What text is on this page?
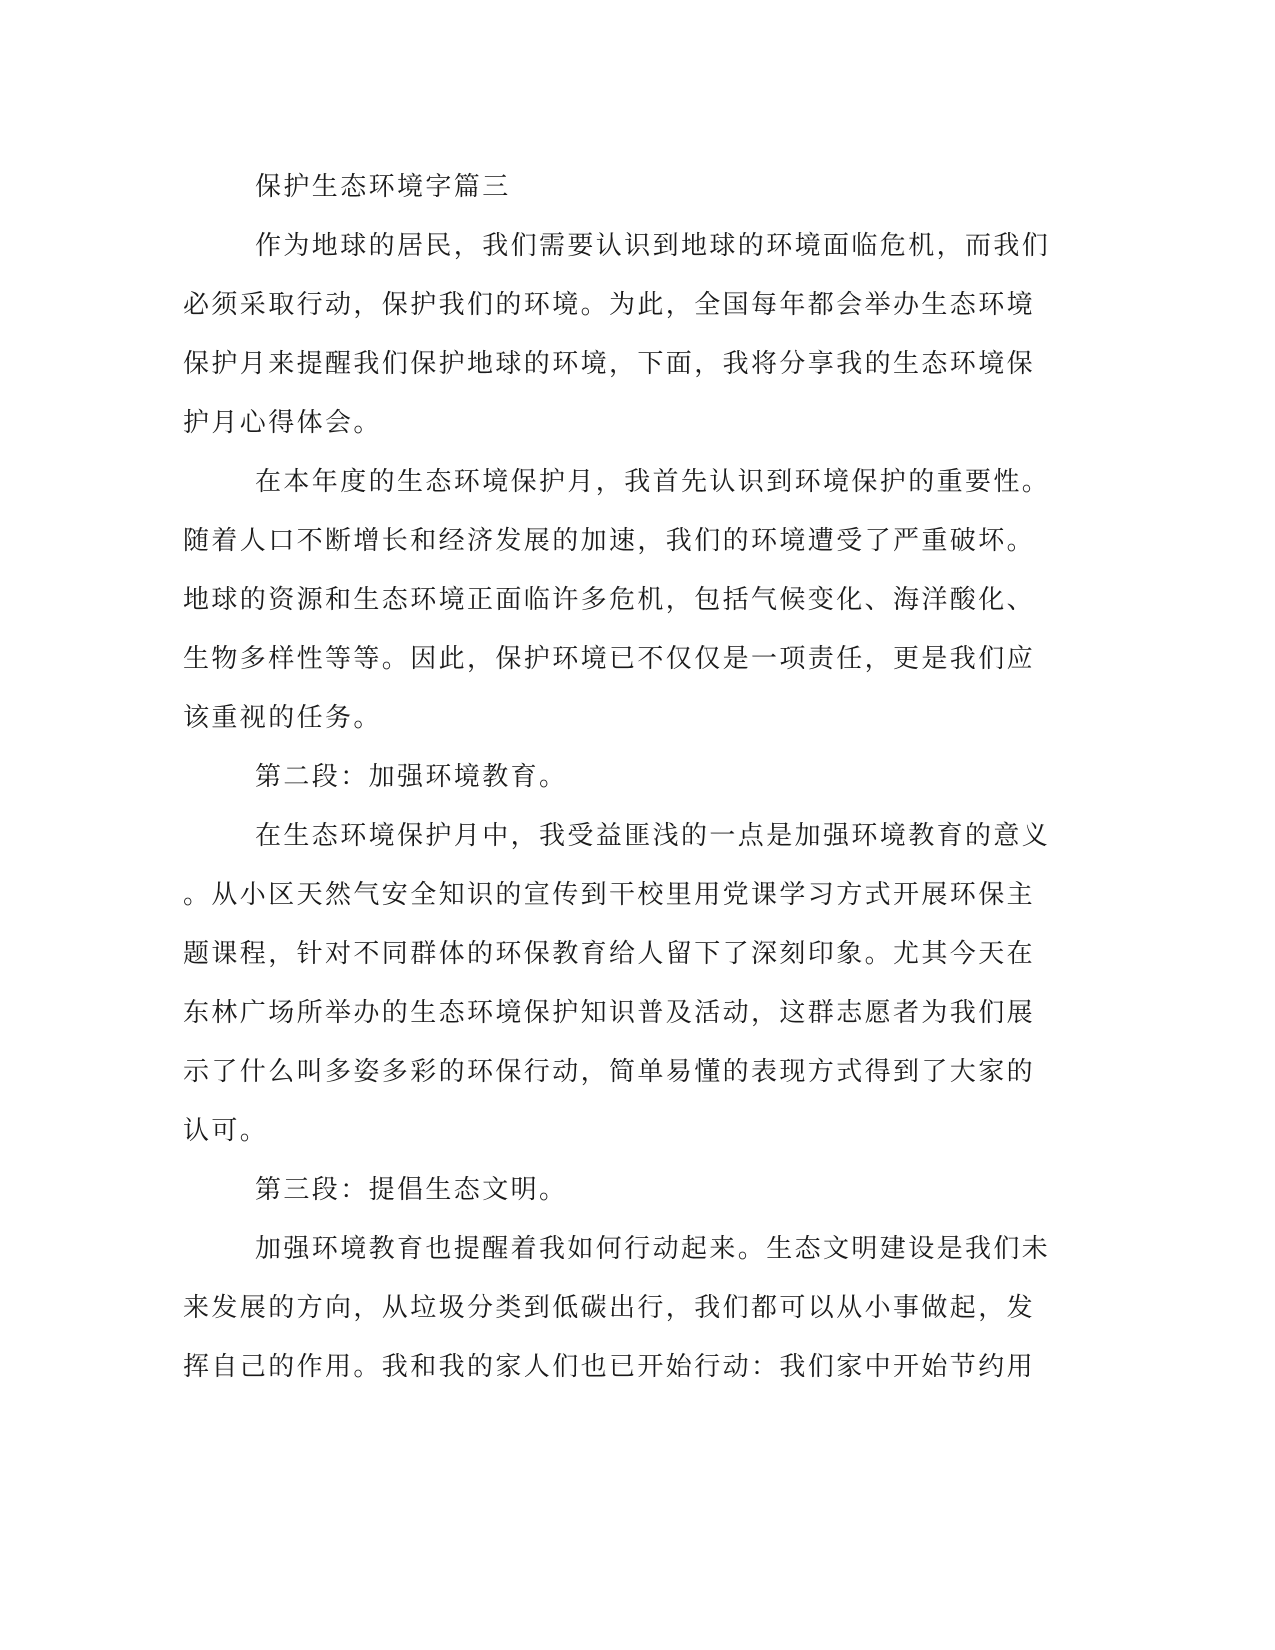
保护生态环境字篇三
作为地球的居民，我们需要认识到地球的环境面临危机，而我们
必须采取行动，保护我们的环境。为此，全国每年都会举办生态环境
保护月来提醒我们保护地球的环境，下面，我将分享我的生态环境保
护月心得体会。
在本年度的生态环境保护月，我首先认识到环境保护的重要性。
随着人口不断增长和经济发展的加速，我们的环境遭受了严重破坏。
地球的资源和生态环境正面临许多危机，包括气候变化、海洋酸化、
生物多样性等等。因此，保护环境已不仅仅是一项责任，更是我们应
该重视的任务。
第二段：加强环境教育。
在生态环境保护月中，我受益匪浅的一点是加强环境教育的意义
。从小区天然气安全知识的宣传到干校里用党课学习方式开展环保主
题课程，针对不同群体的环保教育给人留下了深刻印象。尤其今天在
东林广场所举办的生态环境保护知识普及活动，这群志愿者为我们展
示了什么叫多姿多彩的环保行动，简单易懂的表现方式得到了大家的
认可。
第三段：提倡生态文明。
加强环境教育也提醒着我如何行动起来。生态文明建设是我们未
来发展的方向，从垃圾分类到低碳出行，我们都可以从小事做起，发
挥自己的作用。我和我的家人们也已开始行动：我们家中开始节约用
